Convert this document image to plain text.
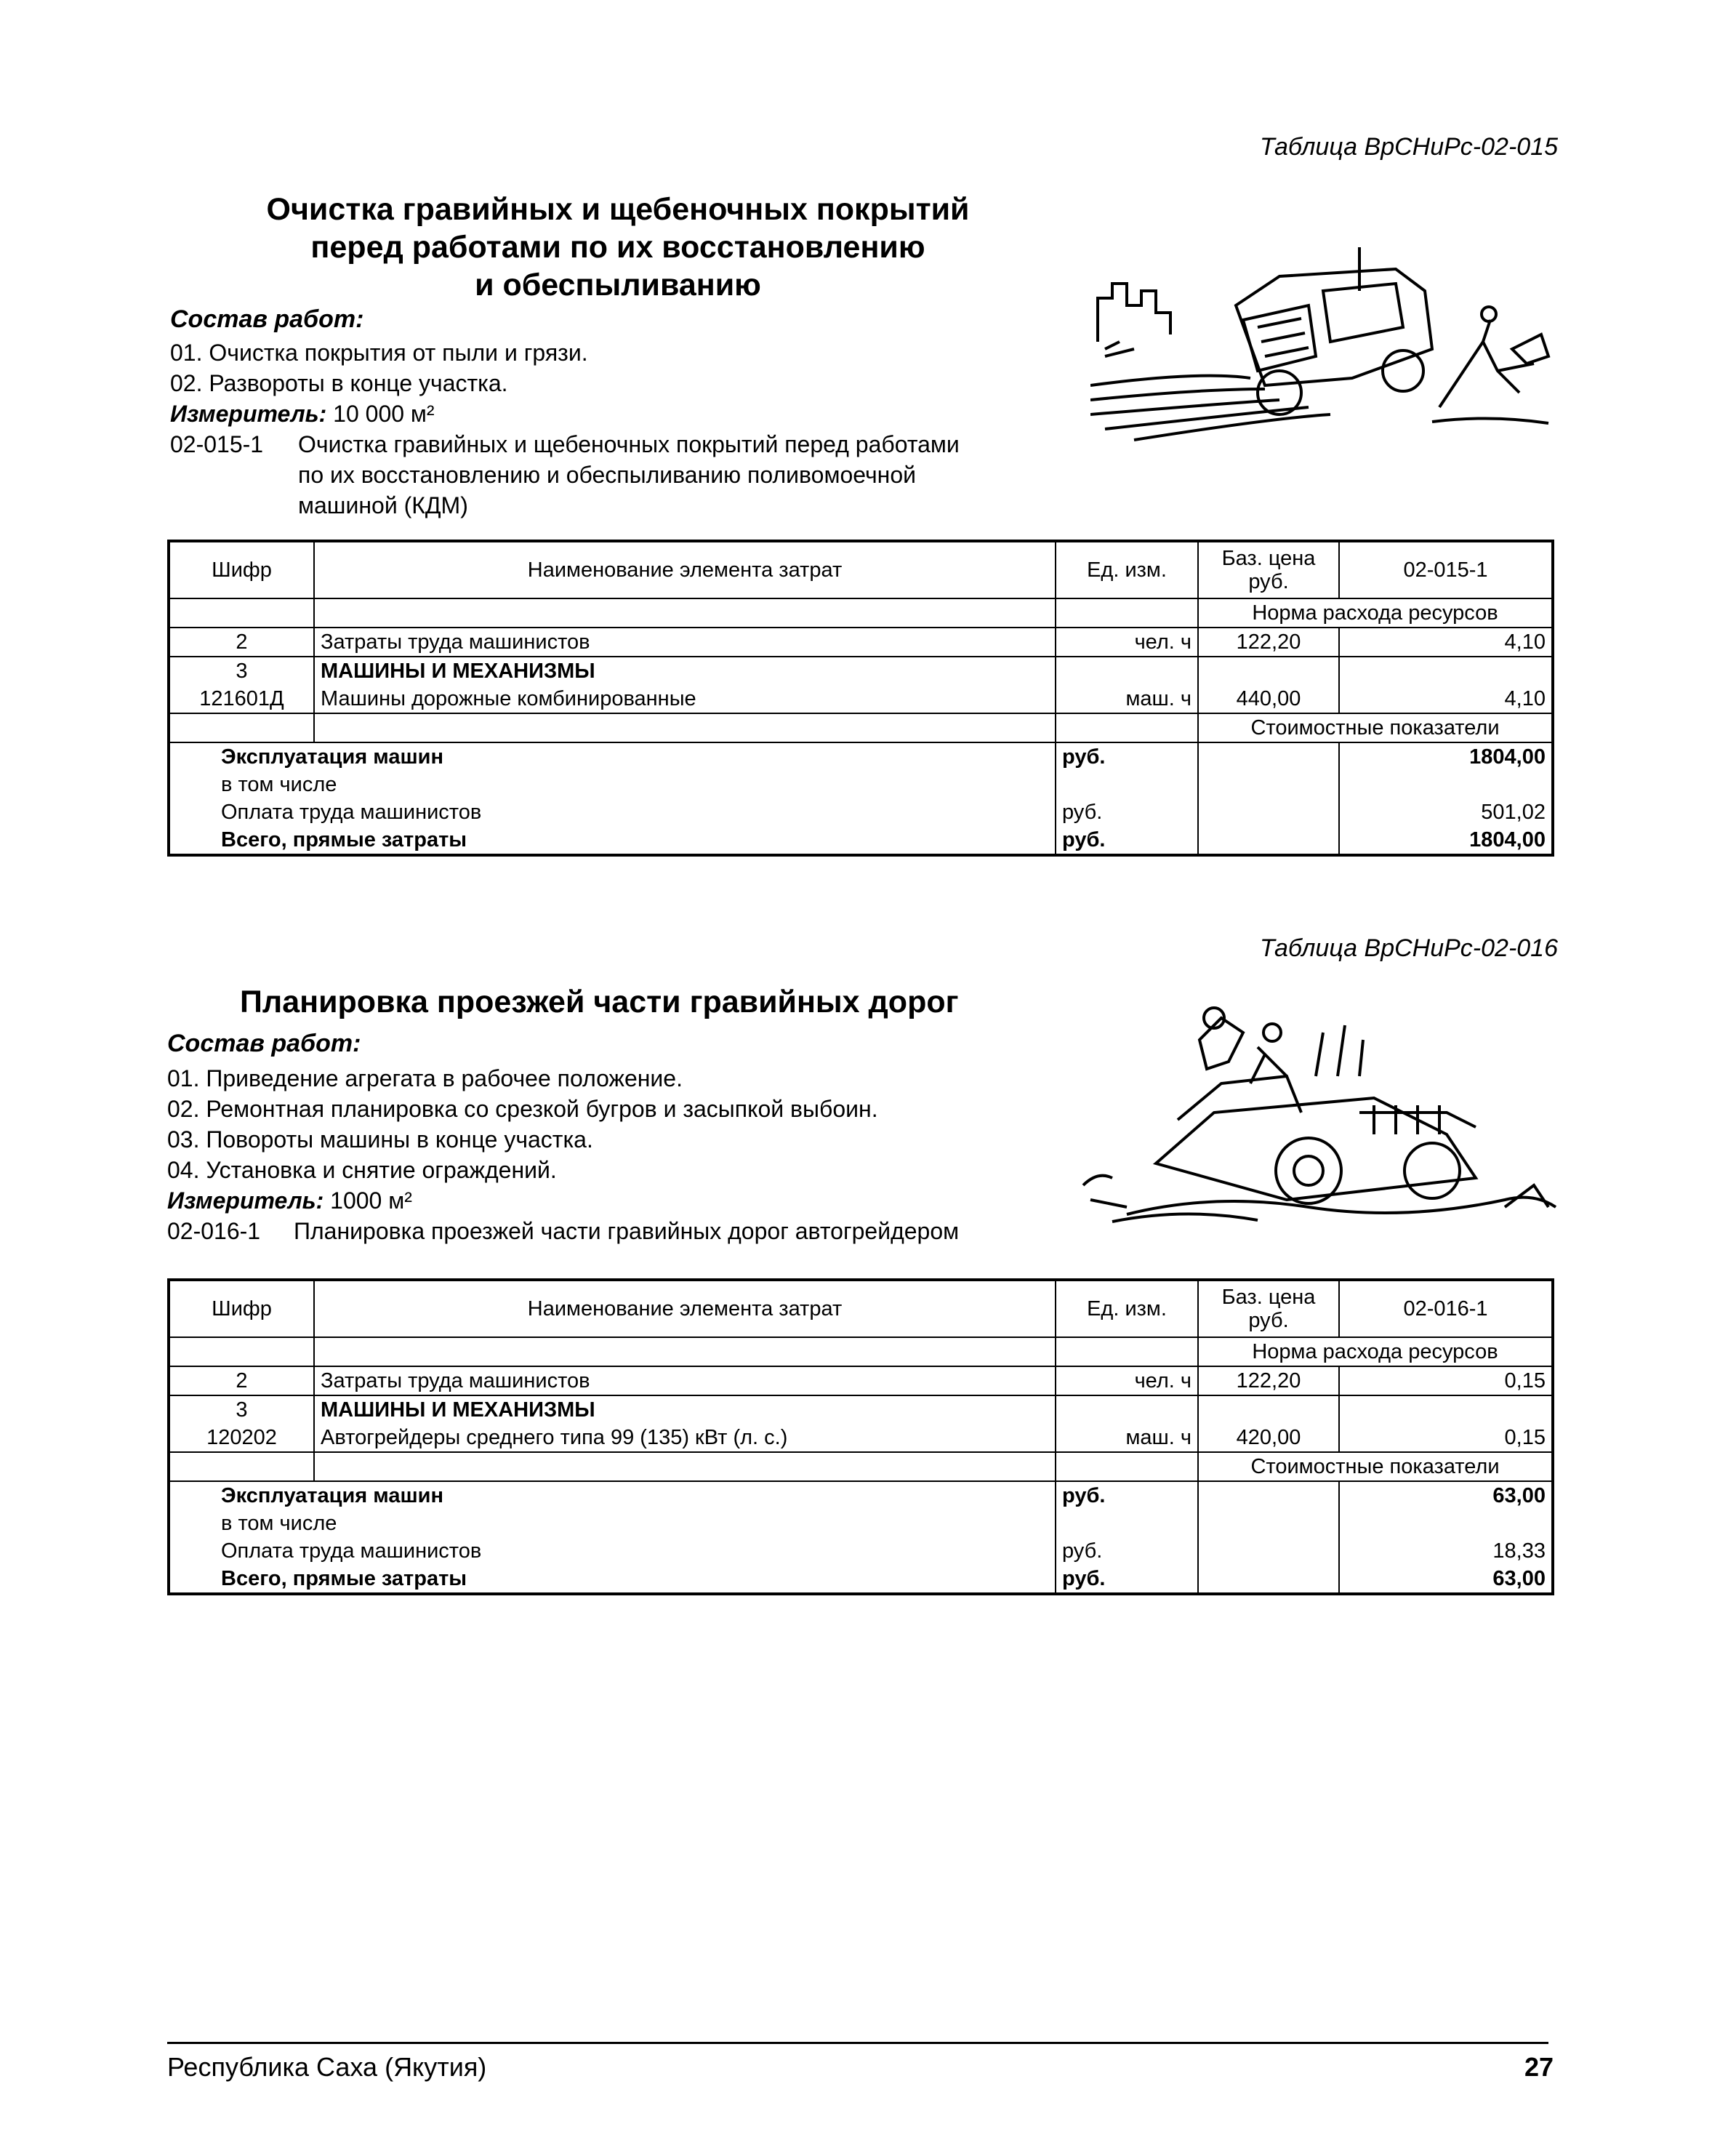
Таблица ВрСНиРс-02-015
Очистка гравийных и щебеночных покрытий
перед работами по их восстановлению
и обеспыливанию
Состав работ:
01. Очистка покрытия от пыли и грязи.
02. Развороты в конце участка.
Измеритель: 10 000 м²
02-015-1 Очистка гравийных и щебеночных покрытий перед работами
по их восстановлению и обеспыливанию поливомоечной
машиной (КДМ)
Шифр	Наименование элемента затрат	Ед. изм.	Баз. цена руб.	02-015-1
			Норма расхода ресурсов	
2	Затраты труда машинистов	чел. ч	122,20	4,10
3	МАШИНЫ И МЕХАНИЗМЫ			
121601Д	Машины дорожные комбинированные	маш. ч	440,00	4,10
			Стоимостные показатели	
Эксплуатация машин		руб.		1804,00
в том числе				
Оплата труда машинистов		руб.		501,02
Всего, прямые затраты		руб.		1804,00
Таблица ВрСНиРс-02-016
Планировка проезжей части гравийных дорог
Состав работ:
01. Приведение агрегата в рабочее положение.
02. Ремонтная планировка со срезкой бугров и засыпкой выбоин.
03. Повороты машины в конце участка.
04. Установка и снятие ограждений.
Измеритель: 1000 м²
02-016-1 Планировка проезжей части гравийных дорог автогрейдером
Шифр	Наименование элемента затрат	Ед. изм.	Баз. цена руб.	02-016-1
			Норма расхода ресурсов	
2	Затраты труда машинистов	чел. ч	122,20	0,15
3	МАШИНЫ И МЕХАНИЗМЫ			
120202	Автогрейдеры среднего типа 99 (135) кВт (л. с.)	маш. ч	420,00	0,15
			Стоимостные показатели	
Эксплуатация машин		руб.		63,00
в том числе				
Оплата труда машинистов		руб.		18,33
Всего, прямые затраты		руб.		63,00
Республика Саха (Якутия)	27
